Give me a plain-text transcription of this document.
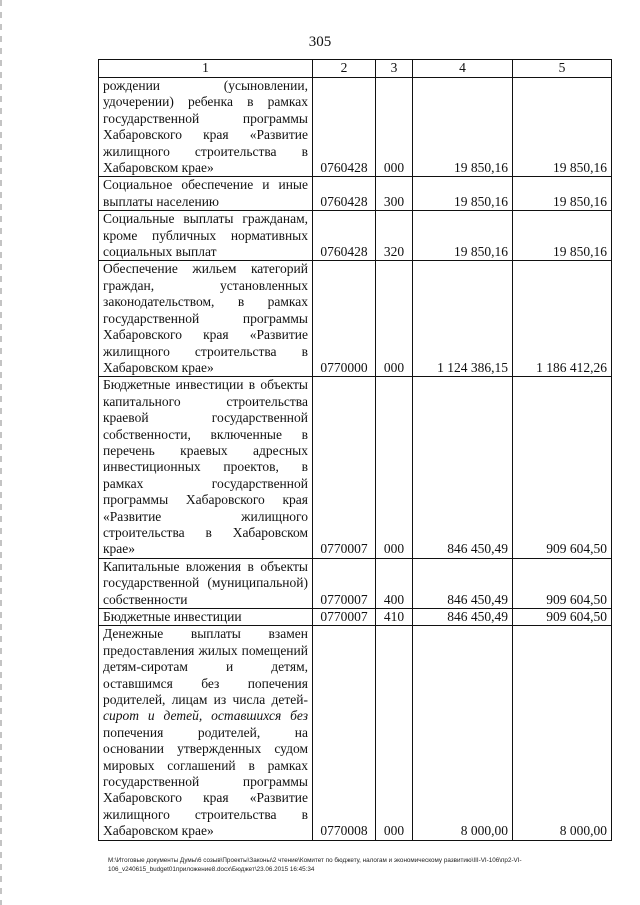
305
1	2	3	4	5
рождении (усыновлении, удочерении) ребенка в рамках государственной программы Хабаровского края «Развитие жилищного строительства в Хабаровском крае»	0760428	000	19 850,16	19 850,16
Социальное обеспечение и иные выплаты населению	0760428	300	19 850,16	19 850,16
Социальные выплаты гражданам, кроме публичных нормативных социальных выплат	0760428	320	19 850,16	19 850,16
Обеспечение жильем категорий граждан, установленных законодательством, в рамках государственной программы Хабаровского края «Развитие жилищного строительства в Хабаровском крае»	0770000	000	1 124 386,15	1 186 412,26
Бюджетные инвестиции в объекты капитального строительства краевой государственной собственности, включенные в перечень краевых адресных инвестиционных проектов, в рамках государственной программы Хабаровского края «Развитие жилищного строительства в Хабаровском крае»	0770007	000	846 450,49	909 604,50
Капитальные вложения в объекты государственной (муниципальной) собственности	0770007	400	846 450,49	909 604,50
Бюджетные инвестиции	0770007	410	846 450,49	909 604,50
Денежные выплаты взамен предоставления жилых помещений детям-сиротам и детям, оставшимся без попечения родителей, лицам из числа детей- сирот и детей, оставшихся без попечения родителей, на основании утвержденных судом мировых соглашений в рамках государственной программы Хабаровского края «Развитие жилищного строительства в Хабаровском крае»	0770008	000	8 000,00	8 000,00
M:\Итоговые документы Думы\6 созыв\Проекты\Законы\2 чтение\Комитет по бюджету, налогам и экономическому развитию\III-VI-106\пр2-VI-106_v240615_budget01приложение8.docx\Бюджет\23.06.2015 16:45:34
